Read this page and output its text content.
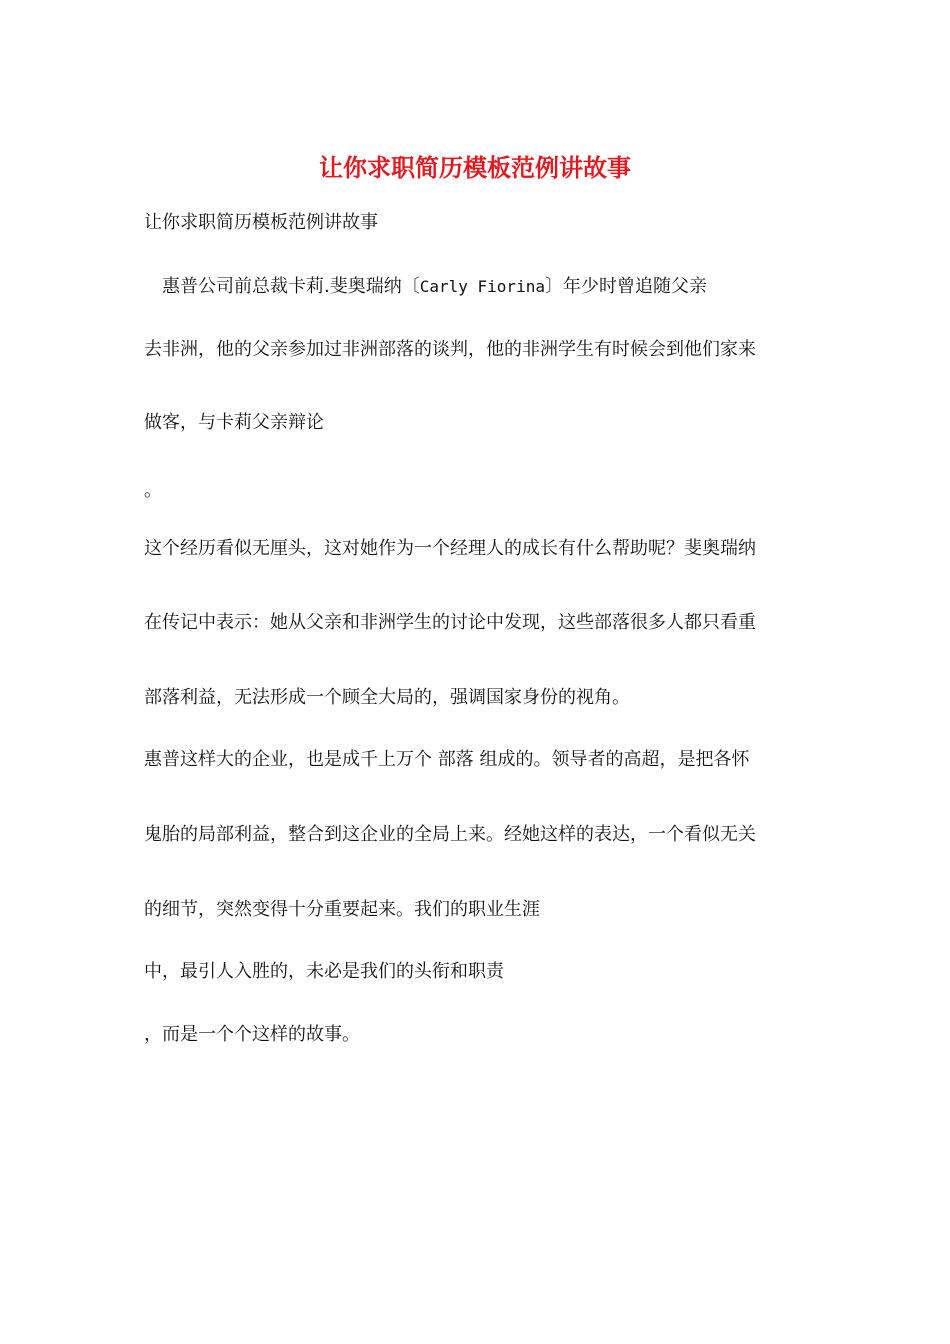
让你求职简历模板范例讲故事
让你求职简历模板范例讲故事
　惠普公司前总裁卡莉.斐奥瑞纳〔Carly Fiorina〕年少时曾追随父亲
去非洲，他的父亲参加过非洲部落的谈判，他的非洲学生有时候会到他们家来
做客，与卡莉父亲辩论
。
这个经历看似无厘头，这对她作为一个经理人的成长有什么帮助呢？斐奥瑞纳
在传记中表示：她从父亲和非洲学生的讨论中发现，这些部落很多人都只看重
部落利益，无法形成一个顾全大局的，强调国家身份的视角。
惠普这样大的企业，也是成千上万个 部落 组成的。领导者的高超，是把各怀
鬼胎的局部利益，整合到这企业的全局上来。经她这样的表达，一个看似无关
的细节，突然变得十分重要起来。我们的职业生涯
中，最引人入胜的，未必是我们的头衔和职责
，而是一个个这样的故事。
